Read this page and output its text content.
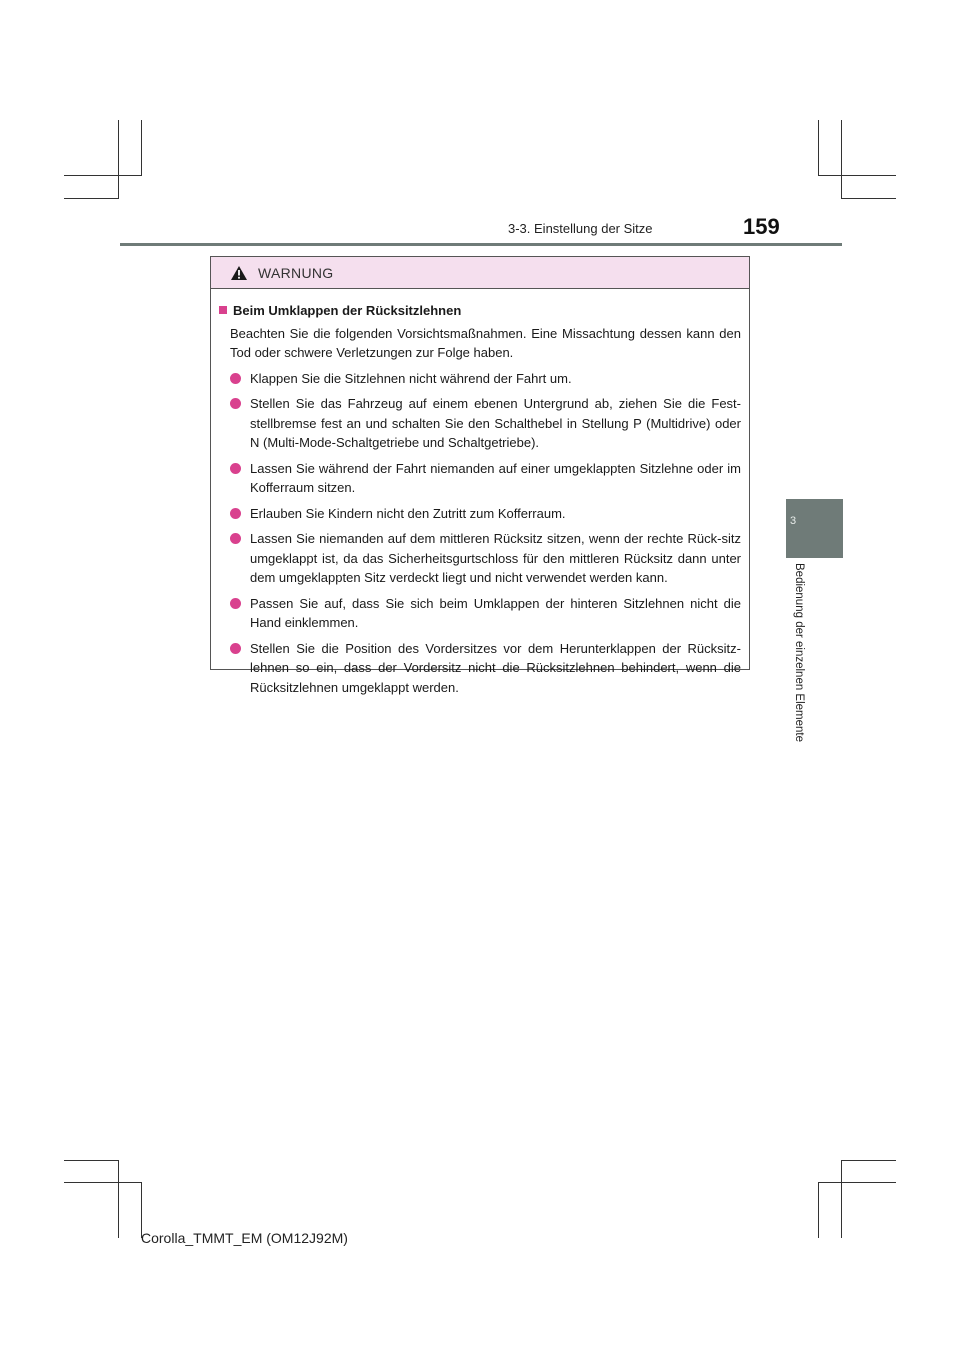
3-3. Einstellung der Sitze	159
3
Bedienung der einzelnen Elemente
WARNUNG
Beim Umklappen der Rücksitzlehnen
Beachten Sie die folgenden Vorsichtsmaßnahmen. Eine Missachtung dessen kann den Tod oder schwere Verletzungen zur Folge haben.
Klappen Sie die Sitzlehnen nicht während der Fahrt um.
Stellen Sie das Fahrzeug auf einem ebenen Untergrund ab, ziehen Sie die Fest-stellbremse fest an und schalten Sie den Schalthebel in Stellung P (Multidrive) oder N (Multi-Mode-Schaltgetriebe und Schaltgetriebe).
Lassen Sie während der Fahrt niemanden auf einer umgeklappten Sitzlehne oder im Kofferraum sitzen.
Erlauben Sie Kindern nicht den Zutritt zum Kofferraum.
Lassen Sie niemanden auf dem mittleren Rücksitz sitzen, wenn der rechte Rück-sitz umgeklappt ist, da das Sicherheitsgurtschloss für den mittleren Rücksitz dann unter dem umgeklappten Sitz verdeckt liegt und nicht verwendet werden kann.
Passen Sie auf, dass Sie sich beim Umklappen der hinteren Sitzlehnen nicht die Hand einklemmen.
Stellen Sie die Position des Vordersitzes vor dem Herunterklappen der Rücksitz-lehnen so ein, dass der Vordersitz nicht die Rücksitzlehnen behindert, wenn die Rücksitzlehnen umgeklappt werden.
Corolla_TMMT_EM (OM12J92M)
